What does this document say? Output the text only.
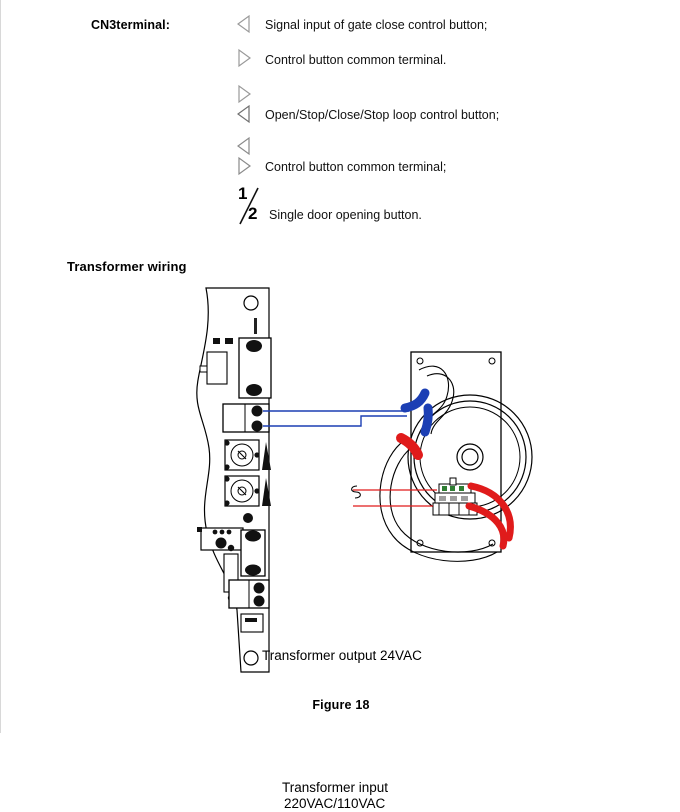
CN3terminal:	Signal input of gate close control button;
Control button common terminal.
Open/Stop/Close/Stop loop control button;
Control button common terminal;
1
2 Single door opening button.
Transformer wiring
Transformer output 24VAC
Transformer input
220VAC/110VAC
Figure 18
